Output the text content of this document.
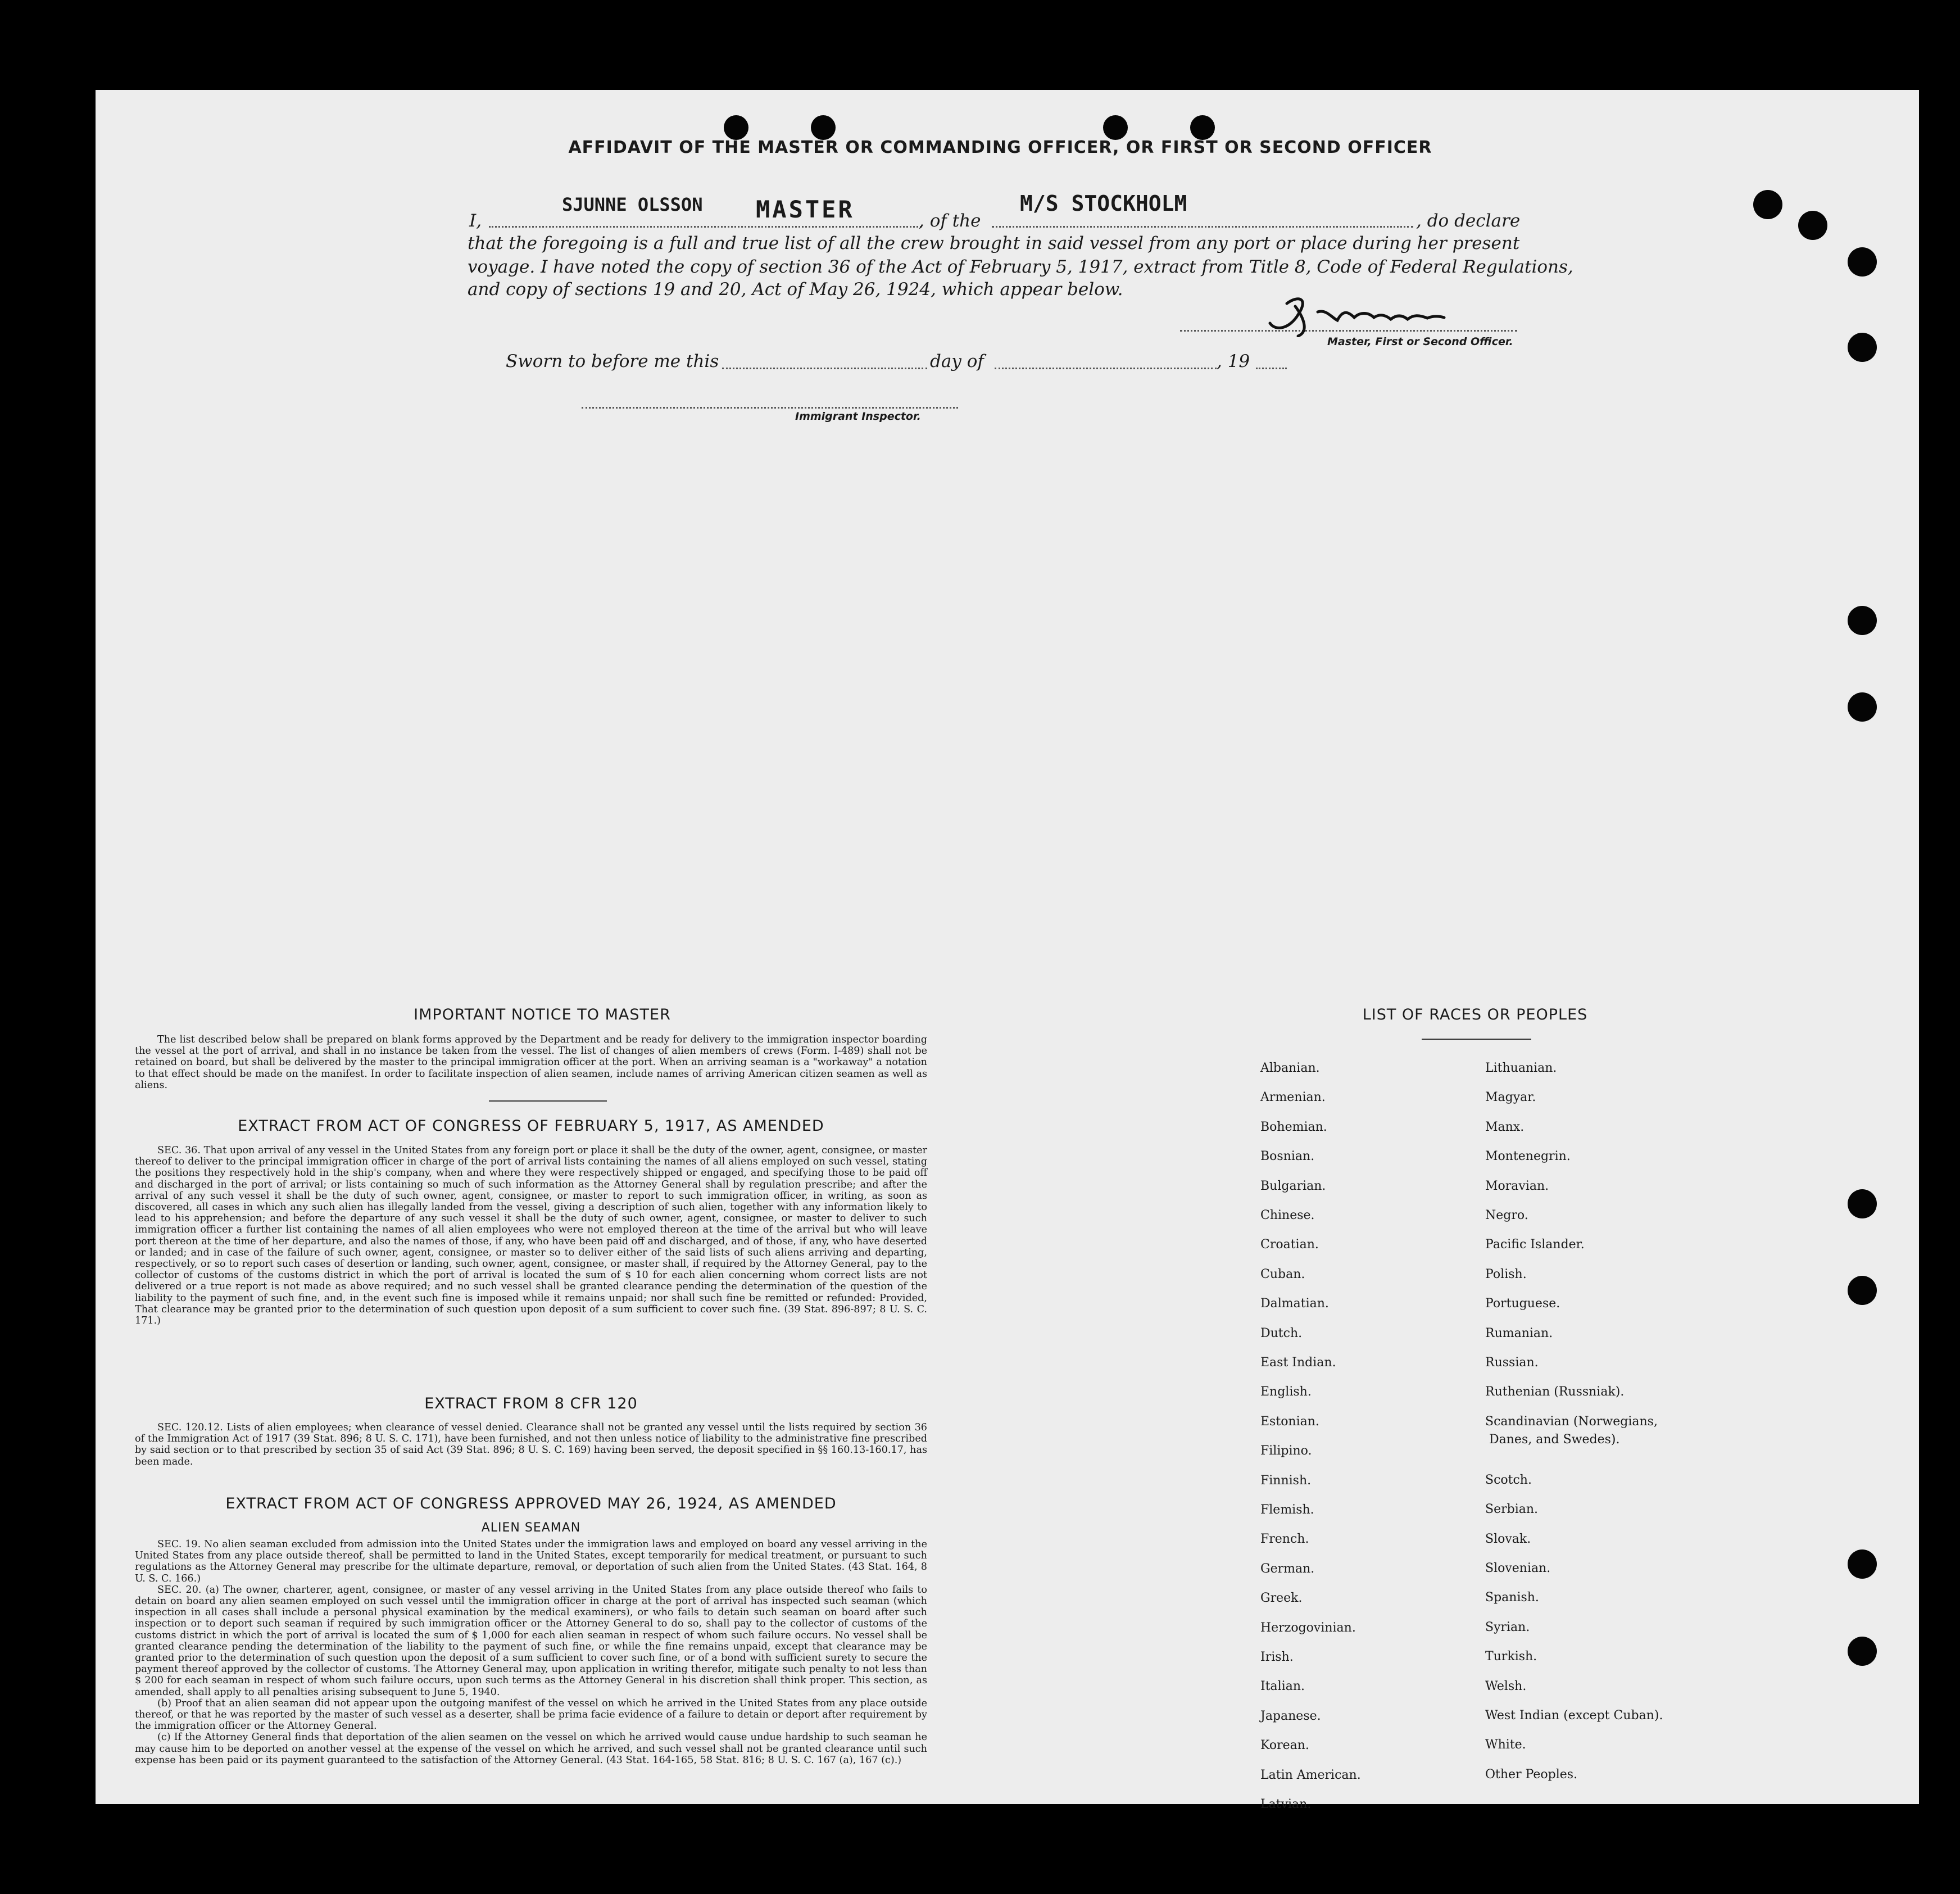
AFFIDAVIT OF THE MASTER OR COMMANDING OFFICER, OR FIRST OR SECOND OFFICER
I,
SJUNNE OLSSON MASTER	, of the
M/S STOCKHOLM
, do declare
that the foregoing is a full and true list of all the crew brought in said vessel from any port or place during her present
voyage. I have noted the copy of section 36 of the Act of February 5, 1917, extract from Title 8, Code of Federal Regulations,
and copy of sections 19 and 20, Act of May 26, 1924, which appear below.
Master, First or Second Officer.
Sworn to before me this	day of	, 19
Immigrant Inspector.
IMPORTANT NOTICE TO MASTER

The list described below shall be prepared on blank forms approved by the Department and be ready for delivery to the immigration inspector boarding the vessel at the port of arrival, and shall in no instance be taken from the vessel. The list of changes of alien members of crews (Form. I-489) shall not be retained on board, but shall be delivered by the master to the principal immigration officer at the port. When an arriving seaman is a "workaway" a notation to that effect should be made on the manifest. In order to facilitate inspection of alien seamen, include names of arriving American citizen seamen as well as aliens.

EXTRACT FROM ACT OF CONGRESS OF FEBRUARY 5, 1917, AS AMENDED

SEC. 36. That upon arrival of any vessel in the United States from any foreign port or place it shall be the duty of the owner, agent, consignee, or master thereof to deliver to the principal immigration officer in charge of the port of arrival lists containing the names of all aliens employed on such vessel, stating the positions they respectively hold in the ship's company, when and where they were respectively shipped or engaged, and specifying those to be paid off and discharged in the port of arrival; or lists containing so much of such information as the Attorney General shall by regulation prescribe; and after the arrival of any such vessel it shall be the duty of such owner, agent, consignee, or master to report to such immigration officer, in writing, as soon as discovered, all cases in which any such alien has illegally landed from the vessel, giving a description of such alien, together with any information likely to lead to his apprehension; and before the departure of any such vessel it shall be the duty of such owner, agent, consignee, or master to deliver to such immigration officer a further list containing the names of all alien employees who were not employed thereon at the time of the arrival but who will leave port thereon at the time of her departure, and also the names of those, if any, who have been paid off and discharged, and of those, if any, who have deserted or landed; and in case of the failure of such owner, agent, consignee, or master so to deliver either of the said lists of such aliens arriving and departing, respectively, or so to report such cases of desertion or landing, such owner, agent, consignee, or master shall, if required by the Attorney General, pay to the collector of customs of the customs district in which the port of arrival is located the sum of $ 10 for each alien concerning whom correct lists are not delivered or a true report is not made as above required; and no such vessel shall be granted clearance pending the determination of the question of the liability to the payment of such fine, and, in the event such fine is imposed while it remains unpaid; nor shall such fine be remitted or refunded: Provided, That clearance may be granted prior to the determination of such question upon deposit of a sum sufficient to cover such fine. (39 Stat. 896-897; 8 U. S. C. 171.)

EXTRACT FROM 8 CFR 120

SEC. 120.12. Lists of alien employees; when clearance of vessel denied. Clearance shall not be granted any vessel until the lists required by section 36 of the Immigration Act of 1917 (39 Stat. 896; 8 U. S. C. 171), have been furnished, and not then unless notice of liability to the administrative fine prescribed by said section or to that prescribed by section 35 of said Act (39 Stat. 896; 8 U. S. C. 169) having been served, the deposit specified in §§ 160.13-160.17, has been made.

EXTRACT FROM ACT OF CONGRESS APPROVED MAY 26, 1924, AS AMENDED
ALIEN SEAMAN

SEC. 19. No alien seaman excluded from admission into the United States under the immigration laws and employed on board any vessel arriving in the United States from any place outside thereof, shall be permitted to land in the United States, except temporarily for medical treatment, or pursuant to such regulations as the Attorney General may prescribe for the ultimate departure, removal, or deportation of such alien from the United States. (43 Stat. 164, 8 U. S. C. 166.)

SEC. 20. (a) The owner, charterer, agent, consignee, or master of any vessel arriving in the United States from any place outside thereof who fails to detain on board any alien seamen employed on such vessel until the immigration officer in charge at the port of arrival has inspected such seaman (which inspection in all cases shall include a personal physical examination by the medical examiners), or who fails to detain such seaman on board after such inspection or to deport such seaman if required by such immigration officer or the Attorney General to do so, shall pay to the collector of customs of the customs district in which the port of arrival is located the sum of $ 1,000 for each alien seaman in respect of whom such failure occurs. No vessel shall be granted clearance pending the determination of the liability to the payment of such fine, or while the fine remains unpaid, except that clearance may be granted prior to the determination of such question upon the deposit of a sum sufficient to cover such fine, or of a bond with sufficient surety to secure the payment thereof approved by the collector of customs. The Attorney General may, upon application in writing therefor, mitigate such penalty to not less than $ 200 for each seaman in respect of whom such failure occurs, upon such terms as the Attorney General in his discretion shall think proper. This section, as amended, shall apply to all penalties arising subsequent to June 5, 1940.

(b) Proof that an alien seaman did not appear upon the outgoing manifest of the vessel on which he arrived in the United States from any place outside thereof, or that he was reported by the master of such vessel as a deserter, shall be prima facie evidence of a failure to detain or deport after requirement by the immigration officer or the Attorney General.

(c) If the Attorney General finds that deportation of the alien seamen on the vessel on which he arrived would cause undue hardship to such seaman he may cause him to be deported on another vessel at the expense of the vessel on which he arrived, and such vessel shall not be granted clearance until such expense has been paid or its payment guaranteed to the satisfaction of the Attorney General. (43 Stat. 164-165, 58 Stat. 816; 8 U. S. C. 167 (a), 167 (c).)

LIST OF RACES OR PEOPLES
Albanian.
Armenian.
Bohemian.
Bosnian.
Bulgarian.
Chinese.
Croatian.
Cuban.
Dalmatian.
Dutch.
East Indian.
English.
Estonian.
Filipino.
Finnish.
Flemish.
French.
German.
Greek.
Herzogovinian.
Irish.
Italian.
Japanese.
Korean.
Latin American.
Latvian.
Lithuanian.
Magyar.
Manx.
Montenegrin.
Moravian.
Negro.
Pacific Islander.
Polish.
Portuguese.
Rumanian.
Russian.
Ruthenian (Russniak).
Scandinavian (Norwegians,
Danes, and Swedes).
Scotch.
Serbian.
Slovak.
Slovenian.
Spanish.
Syrian.
Turkish.
Welsh.
West Indian (except Cuban).
White.
Other Peoples.
